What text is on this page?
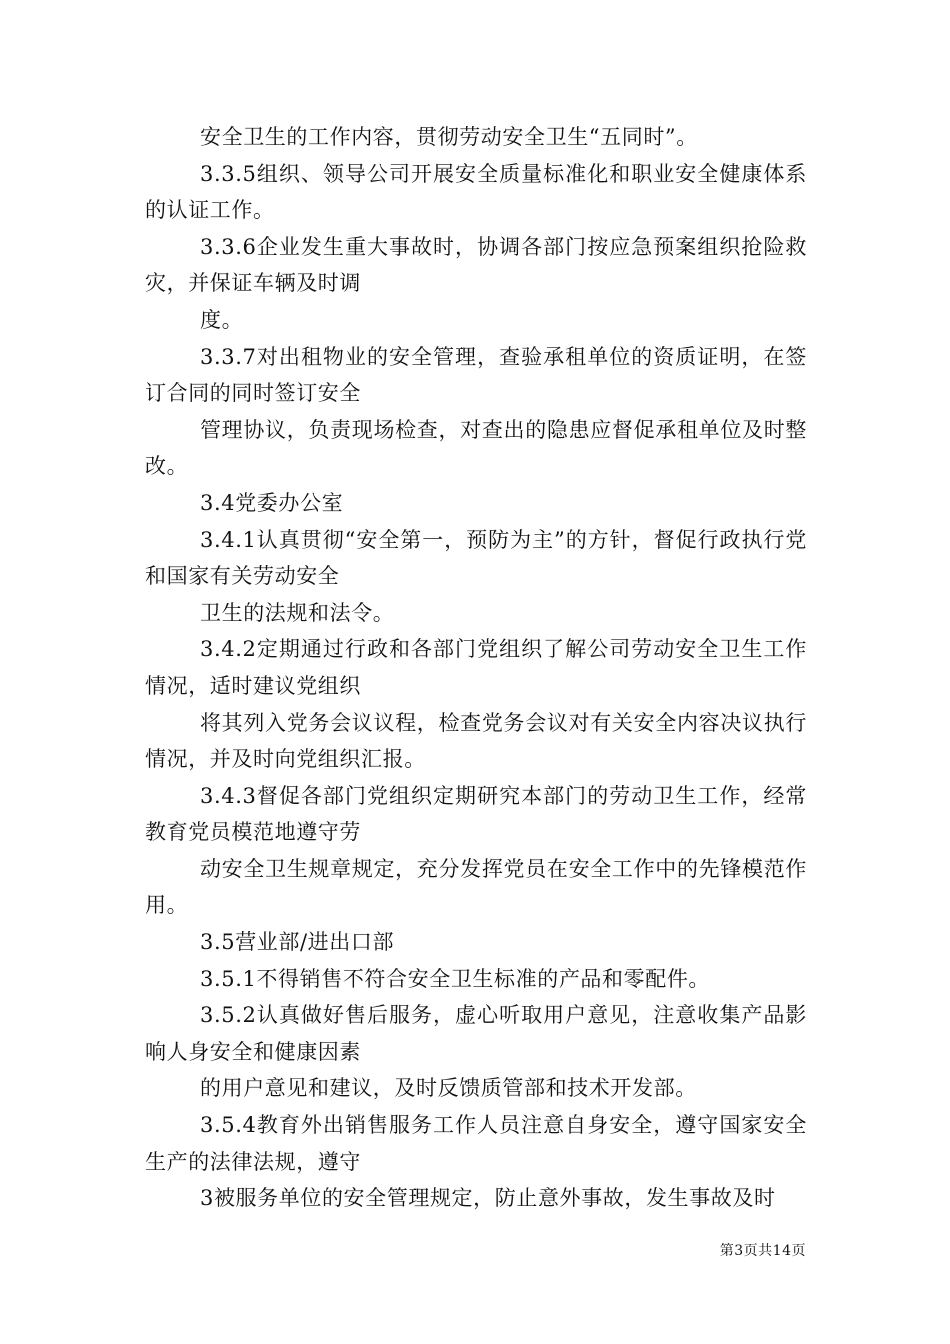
安全卫生的工作内容，贯彻劳动安全卫生“五同时”。

3.3.5组织、领导公司开展安全质量标准化和职业安全健康体系的认证工作。

3.3.6企业发生重大事故时，协调各部门按应急预案组织抢险救灾，并保证车辆及时调

度。

3.3.7对出租物业的安全管理，查验承租单位的资质证明，在签订合同的同时签订安全

管理协议，负责现场检查，对查出的隐患应督促承租单位及时整改。

3.4党委办公室

3.4.1认真贯彻“安全第一，预防为主”的方针，督促行政执行党和国家有关劳动安全

卫生的法规和法令。

3.4.2定期通过行政和各部门党组织了解公司劳动安全卫生工作情况，适时建议党组织

将其列入党务会议议程，检查党务会议对有关安全内容决议执行情况，并及时向党组织汇报。

3.4.3督促各部门党组织定期研究本部门的劳动卫生工作，经常教育党员模范地遵守劳

动安全卫生规章规定，充分发挥党员在安全工作中的先锋模范作用。

3.5营业部/进出口部

3.5.1不得销售不符合安全卫生标准的产品和零配件。

3.5.2认真做好售后服务，虚心听取用户意见，注意收集产品影响人身安全和健康因素

的用户意见和建议，及时反馈质管部和技术开发部。

3.5.4教育外出销售服务工作人员注意自身安全，遵守国家安全生产的法律法规，遵守

3被服务单位的安全管理规定，防止意外事故，发生事故及时

第3页共14页
